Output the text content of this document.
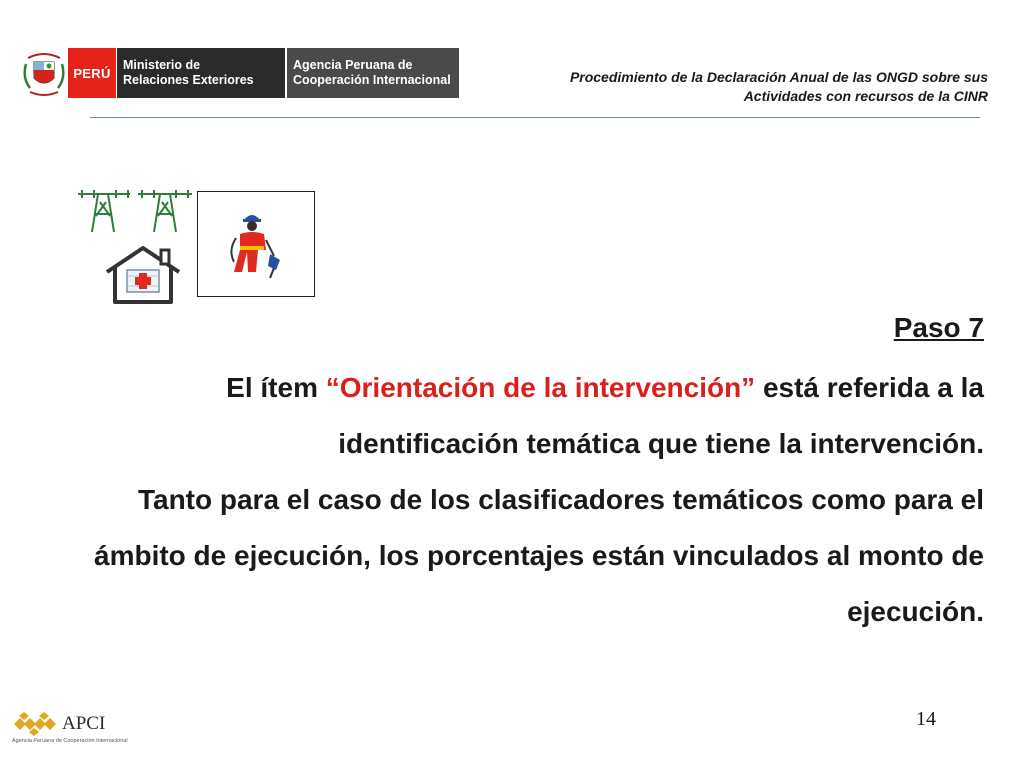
PERÚ
Ministerio de
Relaciones Exteriores
Agencia Peruana de
Cooperación Internacional	Procedimiento de la Declaración Anual de las ONGD sobre sus
Actividades con recursos de la CINR
Paso 7
El ítem “Orientación de la intervención” está referida a la identificación temática que tiene la intervención.
Tanto para el caso de los clasificadores temáticos como para el ámbito de ejecución, los porcentajes están vinculados al monto de ejecución.
APCI
Agencia Peruana de Cooperación Internacional
14
